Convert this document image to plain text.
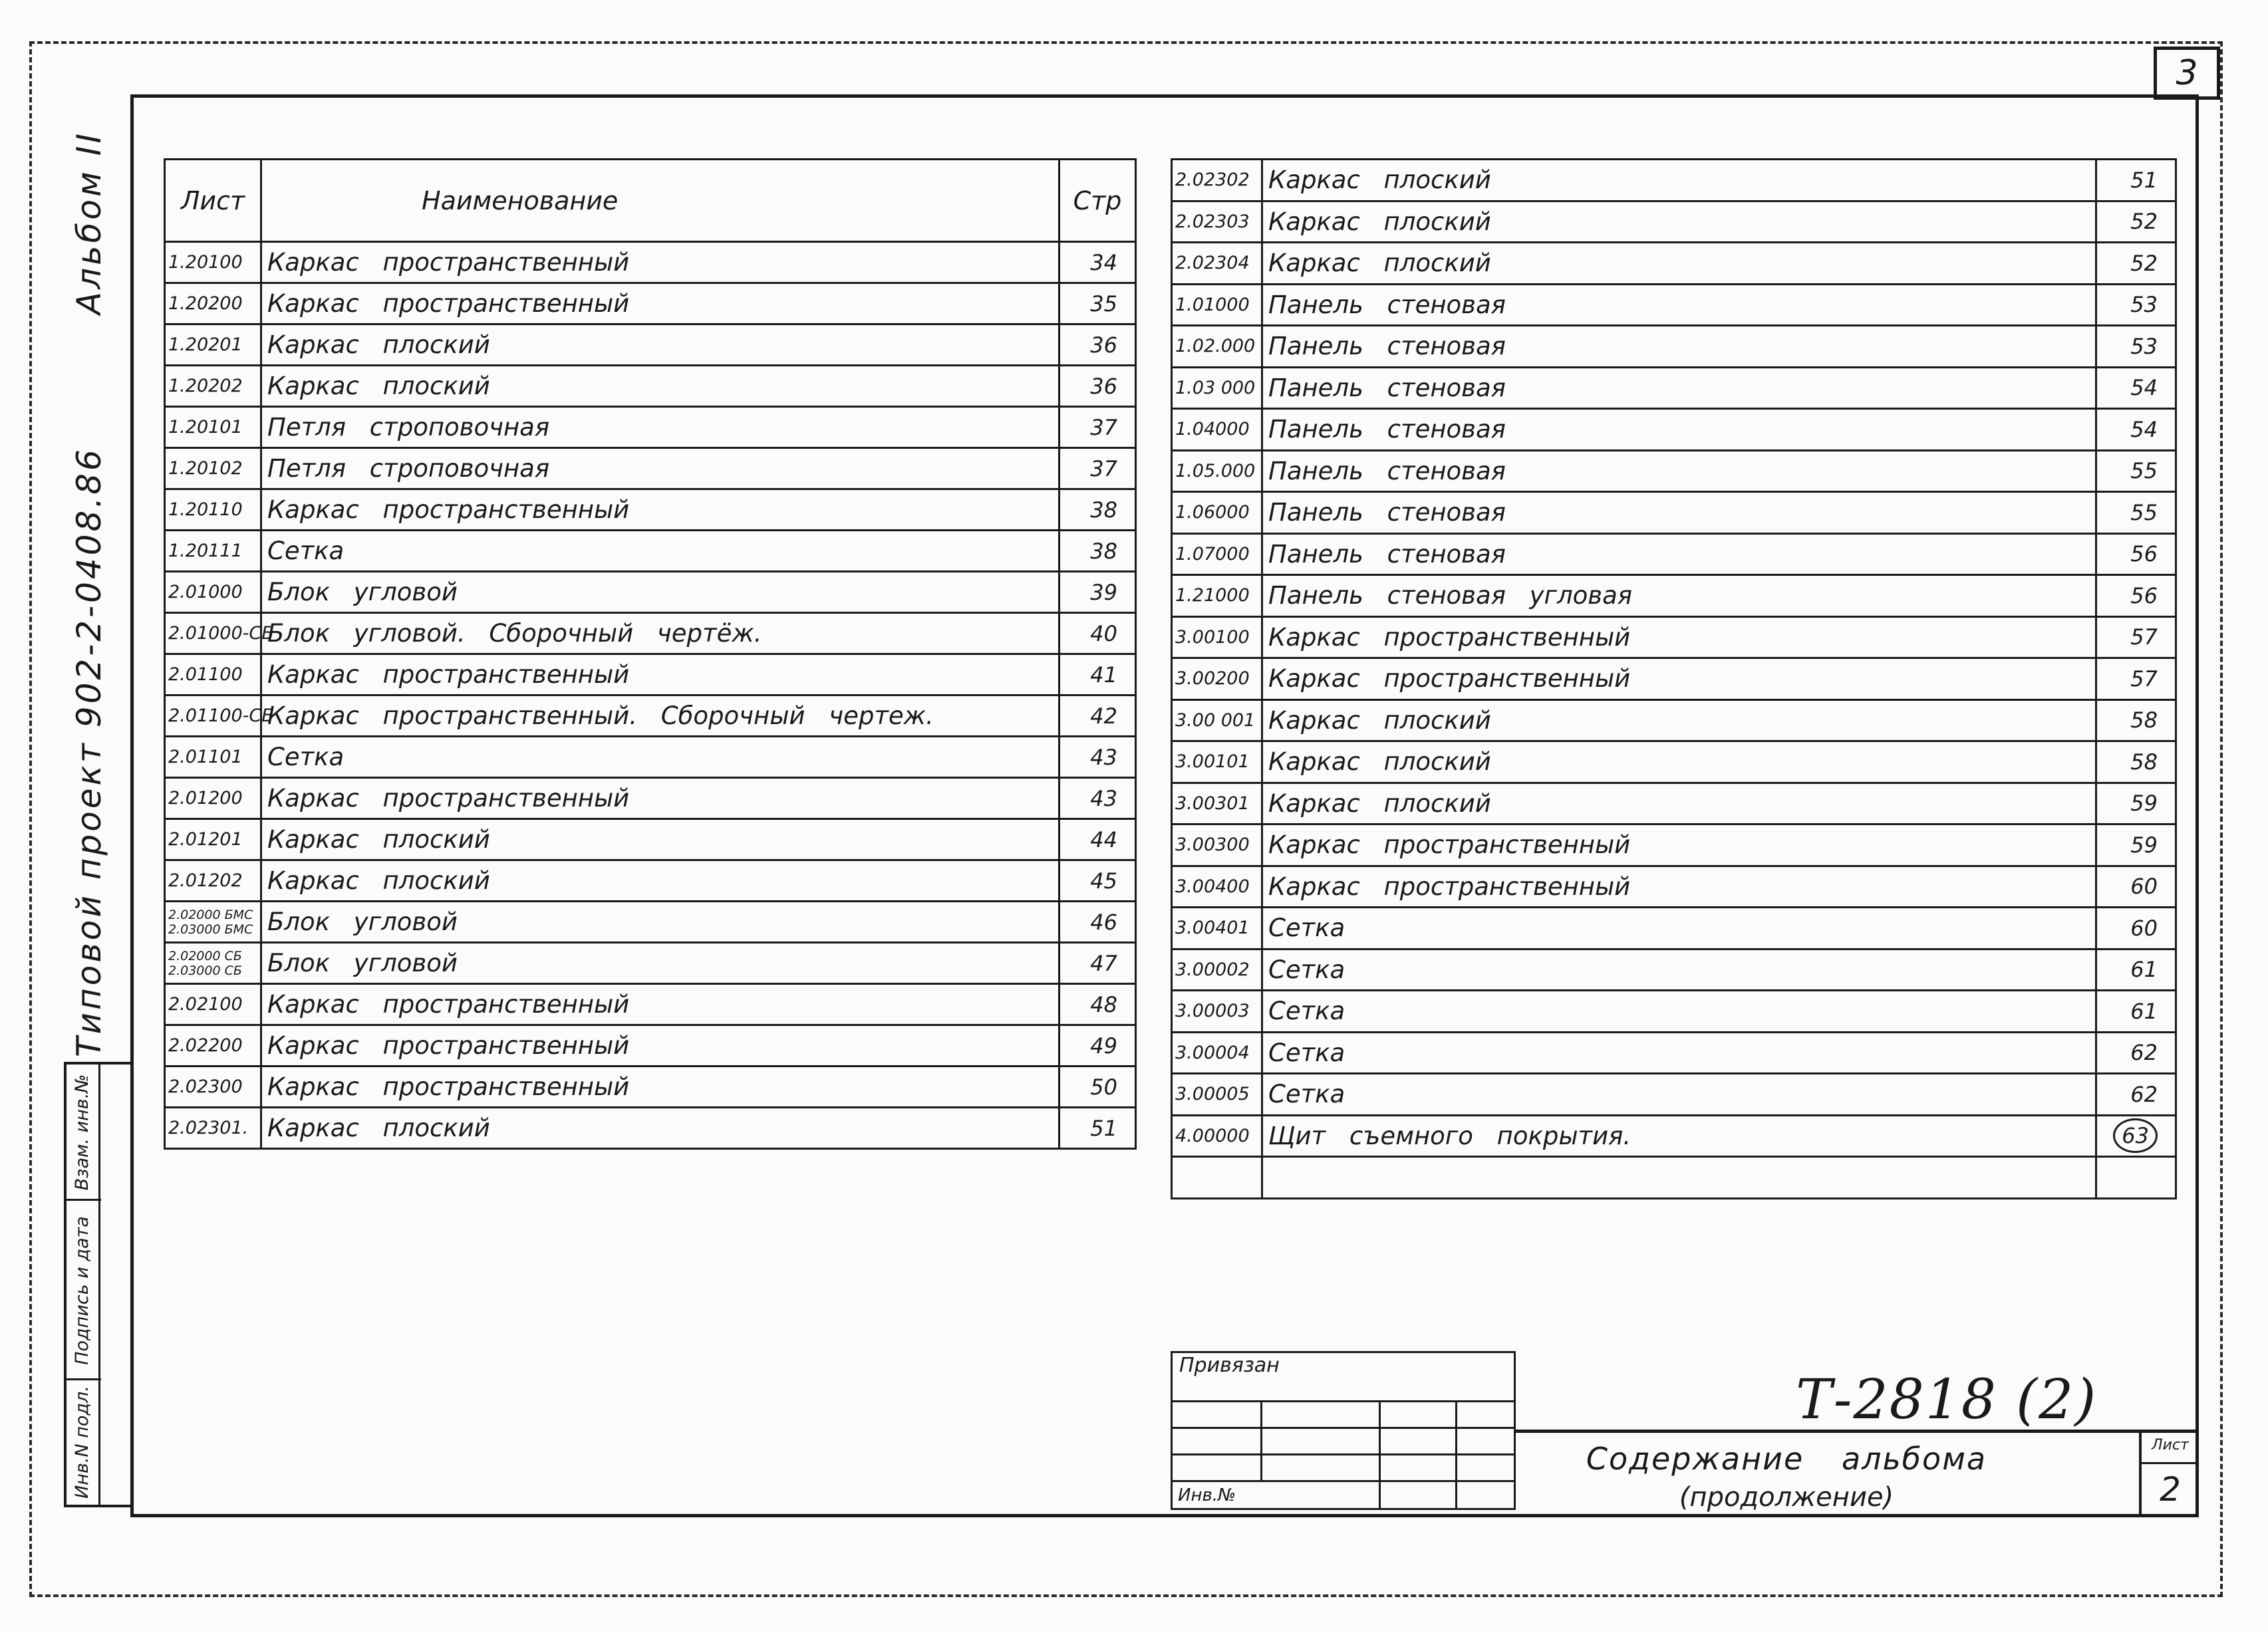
3
Альбом II
Типовой проект 902-2-0408.86
Взам. инв.№
Подпись и дата
Инв.N подл.
Лист	Наименование	Стр
1.20100	Каркас пространственный	34
1.20200	Каркас пространственный	35
1.20201	Каркас плоский	36
1.20202	Каркас плоский	36
1.20101	Петля строповочная	37
1.20102	Петля строповочная	37
1.20110	Каркас пространственный	38
1.20111	Сетка	38
2.01000	Блок угловой	39
2.01000-СБ	Блок угловой. Сборочный чертёж.	40
2.01100	Каркас пространственный	41
2.01100-СБ	Каркас пространственный. Сборочный чертеж.	42
2.01101	Сетка	43
2.01200	Каркас пространственный	43
2.01201	Каркас плоский	44
2.01202	Каркас плоский	45
2.02000 БМС 2.03000 БМС	Блок угловой	46
2.02000 СБ 2.03000 СБ	Блок угловой	47
2.02100	Каркас пространственный	48
2.02200	Каркас пространственный	49
2.02300	Каркас пространственный	50
2.02301.	Каркас плоский	51
2.02302	Каркас плоский	51
2.02303	Каркас плоский	52
2.02304	Каркас плоский	52
1.01000	Панель стеновая	53
1.02.000	Панель стеновая	53
1.03 000	Панель стеновая	54
1.04000	Панель стеновая	54
1.05.000	Панель стеновая	55
1.06000	Панель стеновая	55
1.07000	Панель стеновая	56
1.21000	Панель стеновая угловая	56
3.00100	Каркас пространственный	57
3.00200	Каркас пространственный	57
3.00 001	Каркас плоский	58
3.00101	Каркас плоский	58
3.00301	Каркас плоский	59
3.00300	Каркас пространственный	59
3.00400	Каркас пространственный	60
3.00401	Сетка	60
3.00002	Сетка	61
3.00003	Сетка	61
3.00004	Сетка	62
3.00005	Сетка	62
4.00000	Щит съемного покрытия.	63

Привязан			

Инв.№			
Содержание альбома
(продолжение)
Лист
2
Т-2818 (2)
